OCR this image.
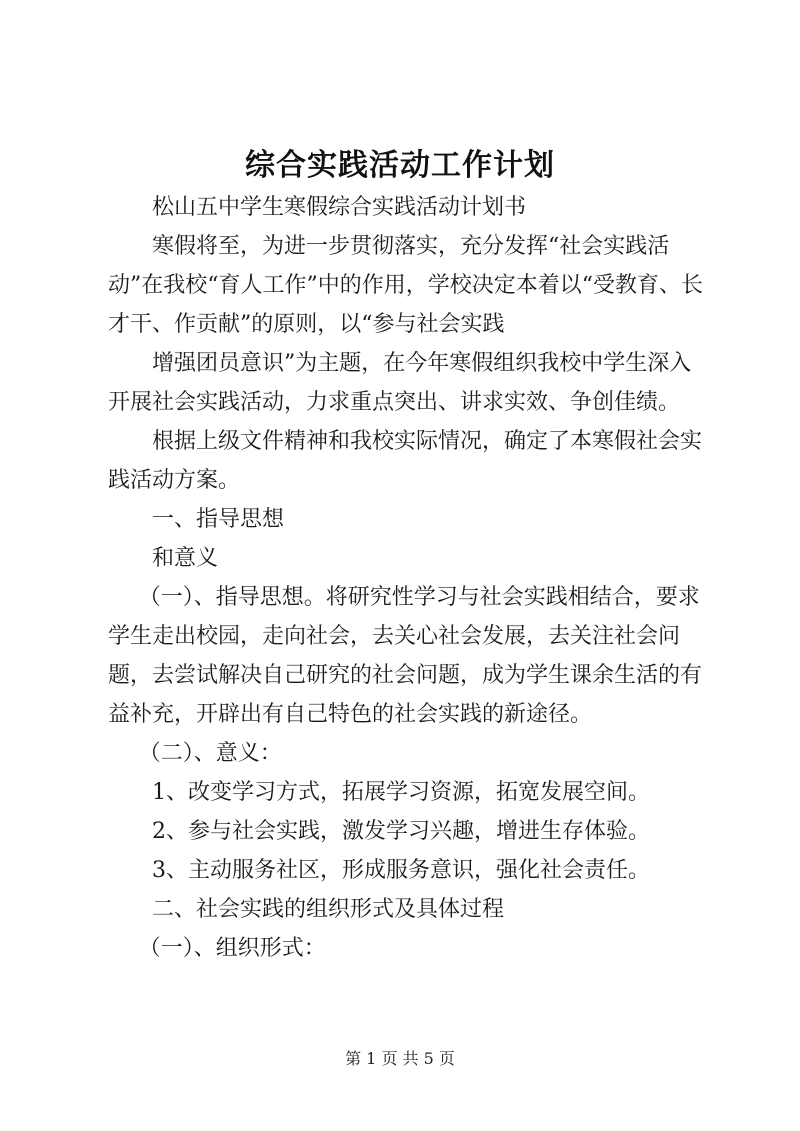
综合实践活动工作计划

松山五中学生寒假综合实践活动计划书

寒假将至，为进一步贯彻落实，充分发挥“社会实践活动”在我校“育人工作”中的作用，学校决定本着以“受教育、长才干、作贡献”的原则，以“参与社会实践

增强团员意识”为主题，在今年寒假组织我校中学生深入开展社会实践活动，力求重点突出、讲求实效、争创佳绩。

根据上级文件精神和我校实际情况，确定了本寒假社会实践活动方案。

一、指导思想

和意义

（一）、指导思想。将研究性学习与社会实践相结合，要求学生走出校园，走向社会，去关心社会发展，去关注社会问题，去尝试解决自己研究的社会问题，成为学生课余生活的有益补充，开辟出有自己特色的社会实践的新途径。

（二）、意义：

1、改变学习方式，拓展学习资源，拓宽发展空间。

2、参与社会实践，激发学习兴趣，增进生存体验。

3、主动服务社区，形成服务意识，强化社会责任。

二、社会实践的组织形式及具体过程

（一）、组织形式：

第 1 页 共 5 页
